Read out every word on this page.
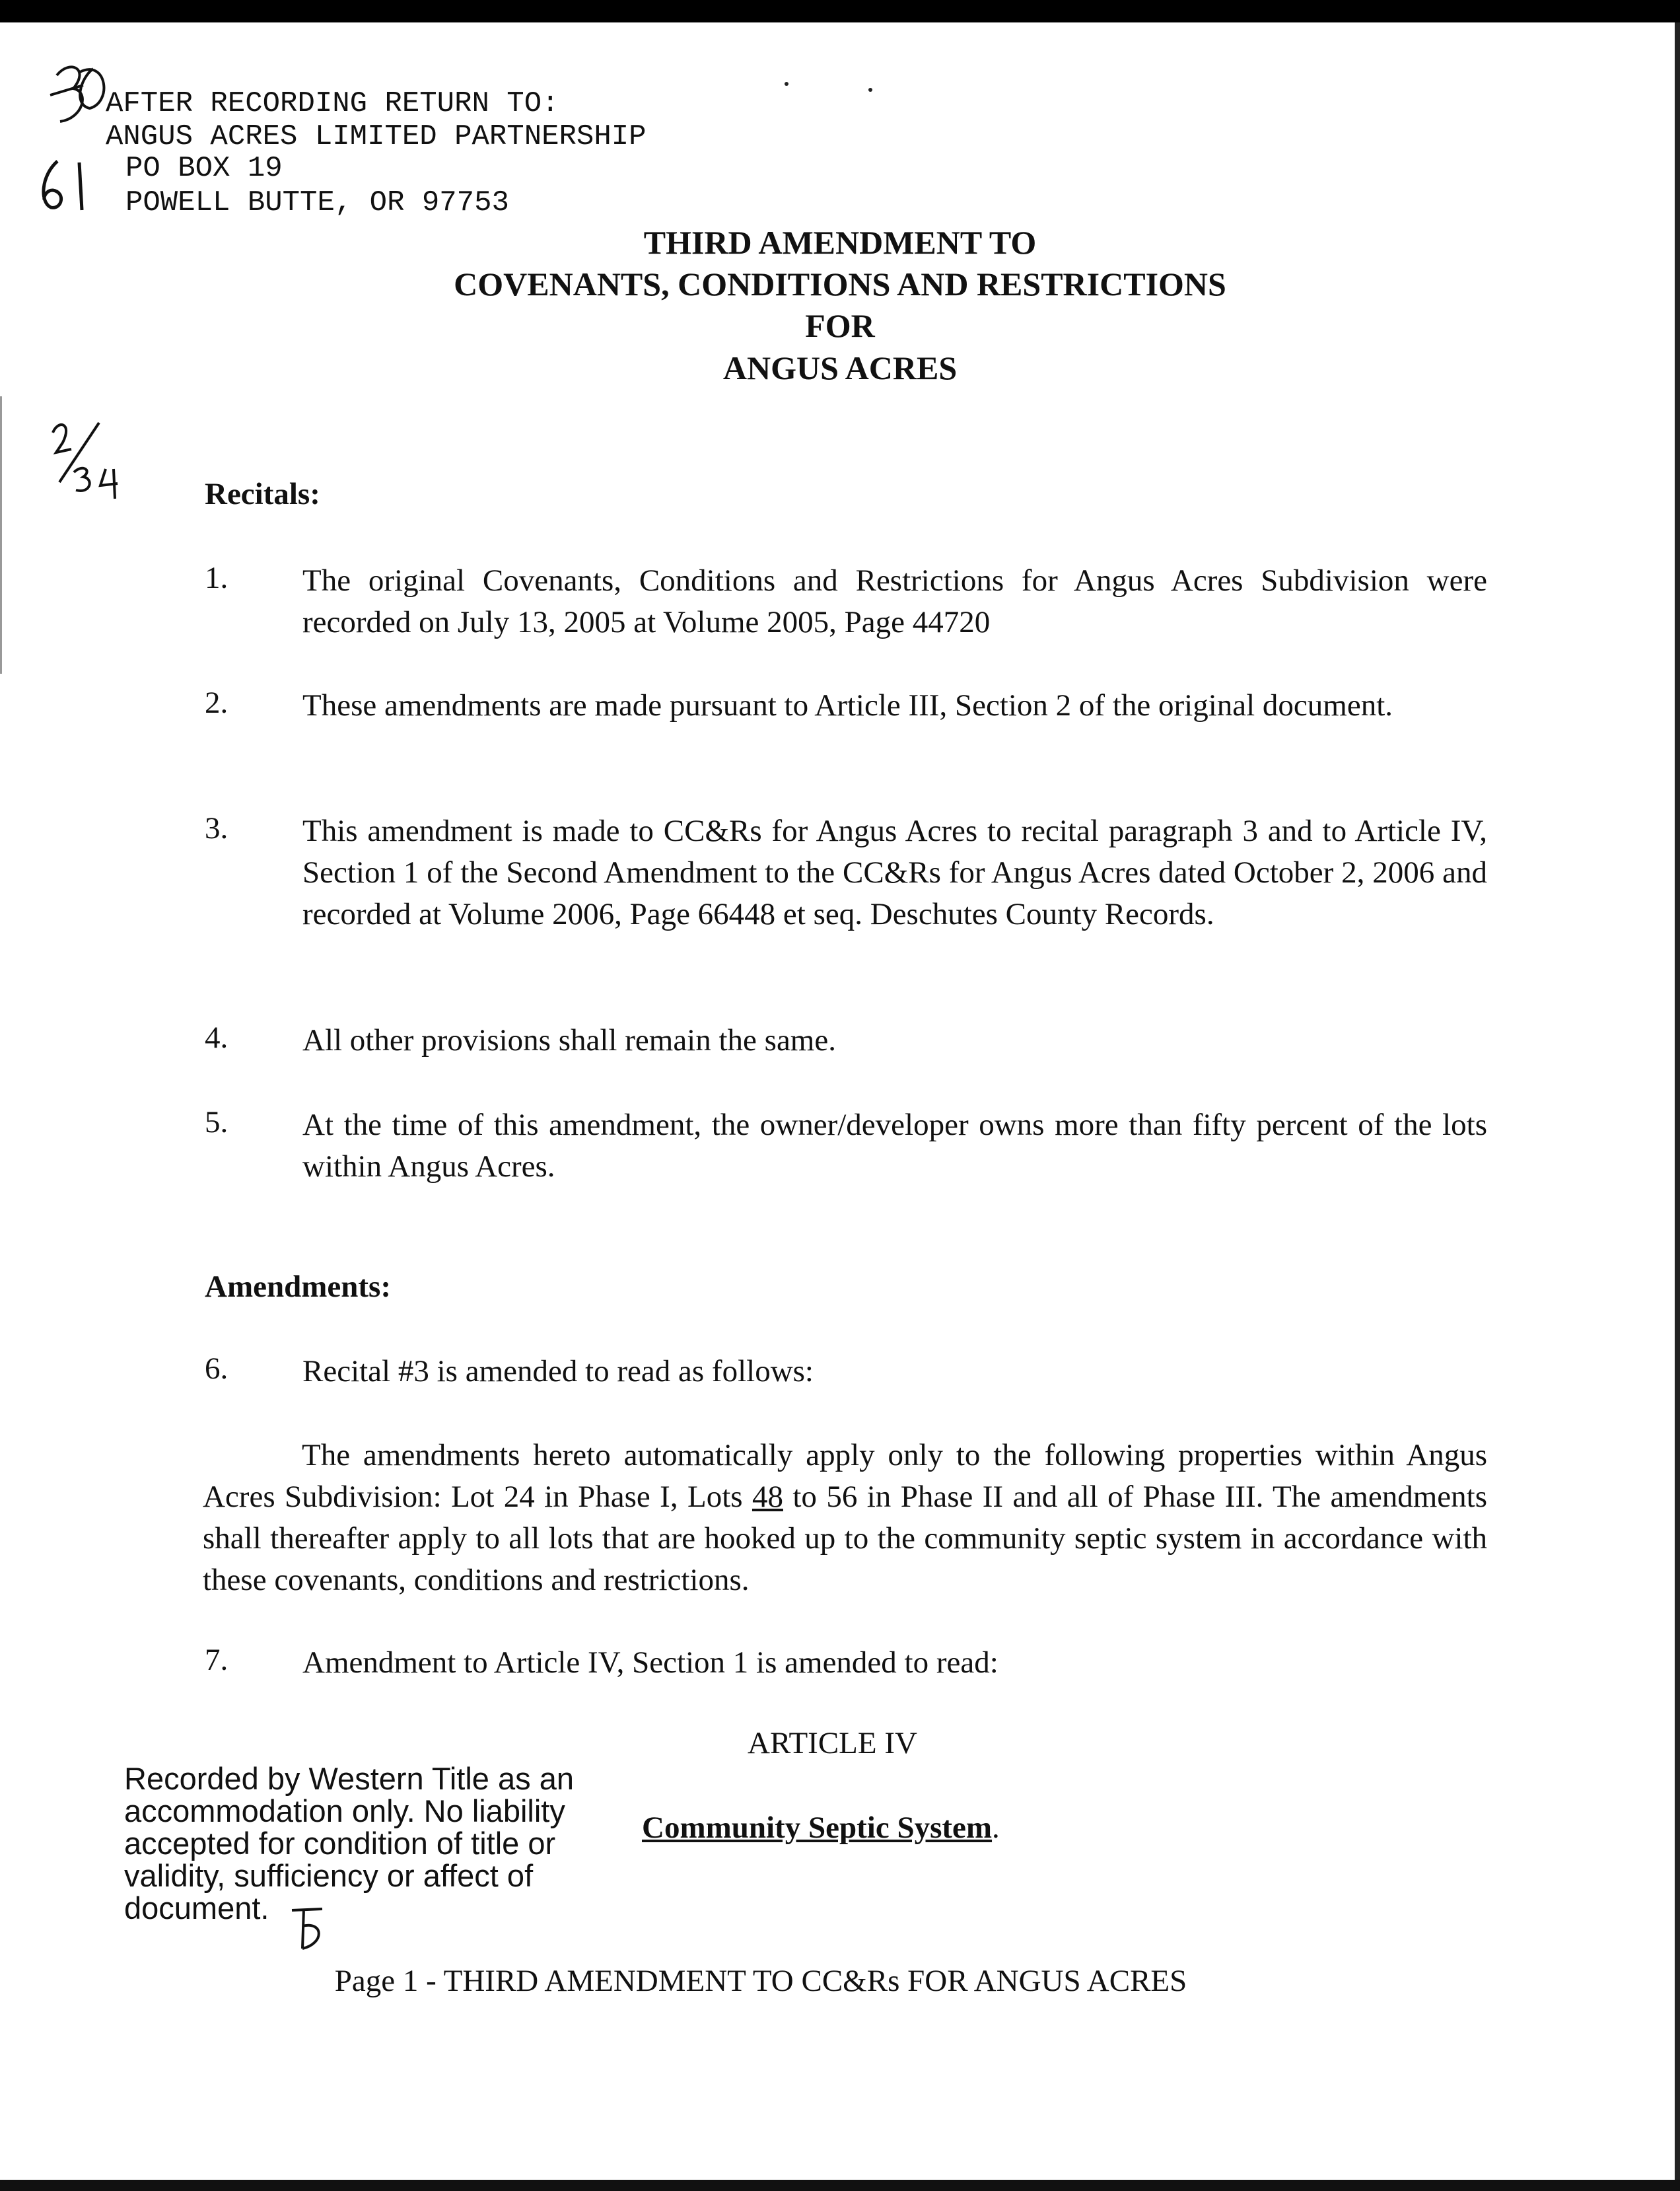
AFTER RECORDING RETURN TO:
ANGUS ACRES LIMITED PARTNERSHIP
PO BOX 19
POWELL BUTTE, OR 97753
THIRD AMENDMENT TO
COVENANTS, CONDITIONS AND RESTRICTIONS
FOR
ANGUS ACRES
Recitals:
1. The original Covenants, Conditions and Restrictions for Angus Acres Subdivision were recorded on July 13, 2005 at Volume 2005, Page 44720
2. These amendments are made pursuant to Article III, Section 2 of the original document.
3. This amendment is made to CC&Rs for Angus Acres to recital paragraph 3 and to Article IV, Section 1 of the Second Amendment to the CC&Rs for Angus Acres dated October 2, 2006 and recorded at Volume 2006, Page 66448 et seq. Deschutes County Records.
4. All other provisions shall remain the same.
5. At the time of this amendment, the owner/developer owns more than fifty percent of the lots within Angus Acres.
Amendments:
6. Recital #3 is amended to read as follows:
The amendments hereto automatically apply only to the following properties within Angus Acres Subdivision: Lot 24 in Phase I, Lots 48 to 56 in Phase II and all of Phase III. The amendments shall thereafter apply to all lots that are hooked up to the community septic system in accordance with these covenants, conditions and restrictions.
7. Amendment to Article IV, Section 1 is amended to read:
ARTICLE IV
Community Septic System.
Recorded by Western Title as an
accommodation only. No liability
accepted for condition of title or
validity, sufficiency or affect of
document.
Page 1 - THIRD AMENDMENT TO CC&Rs FOR ANGUS ACRES
